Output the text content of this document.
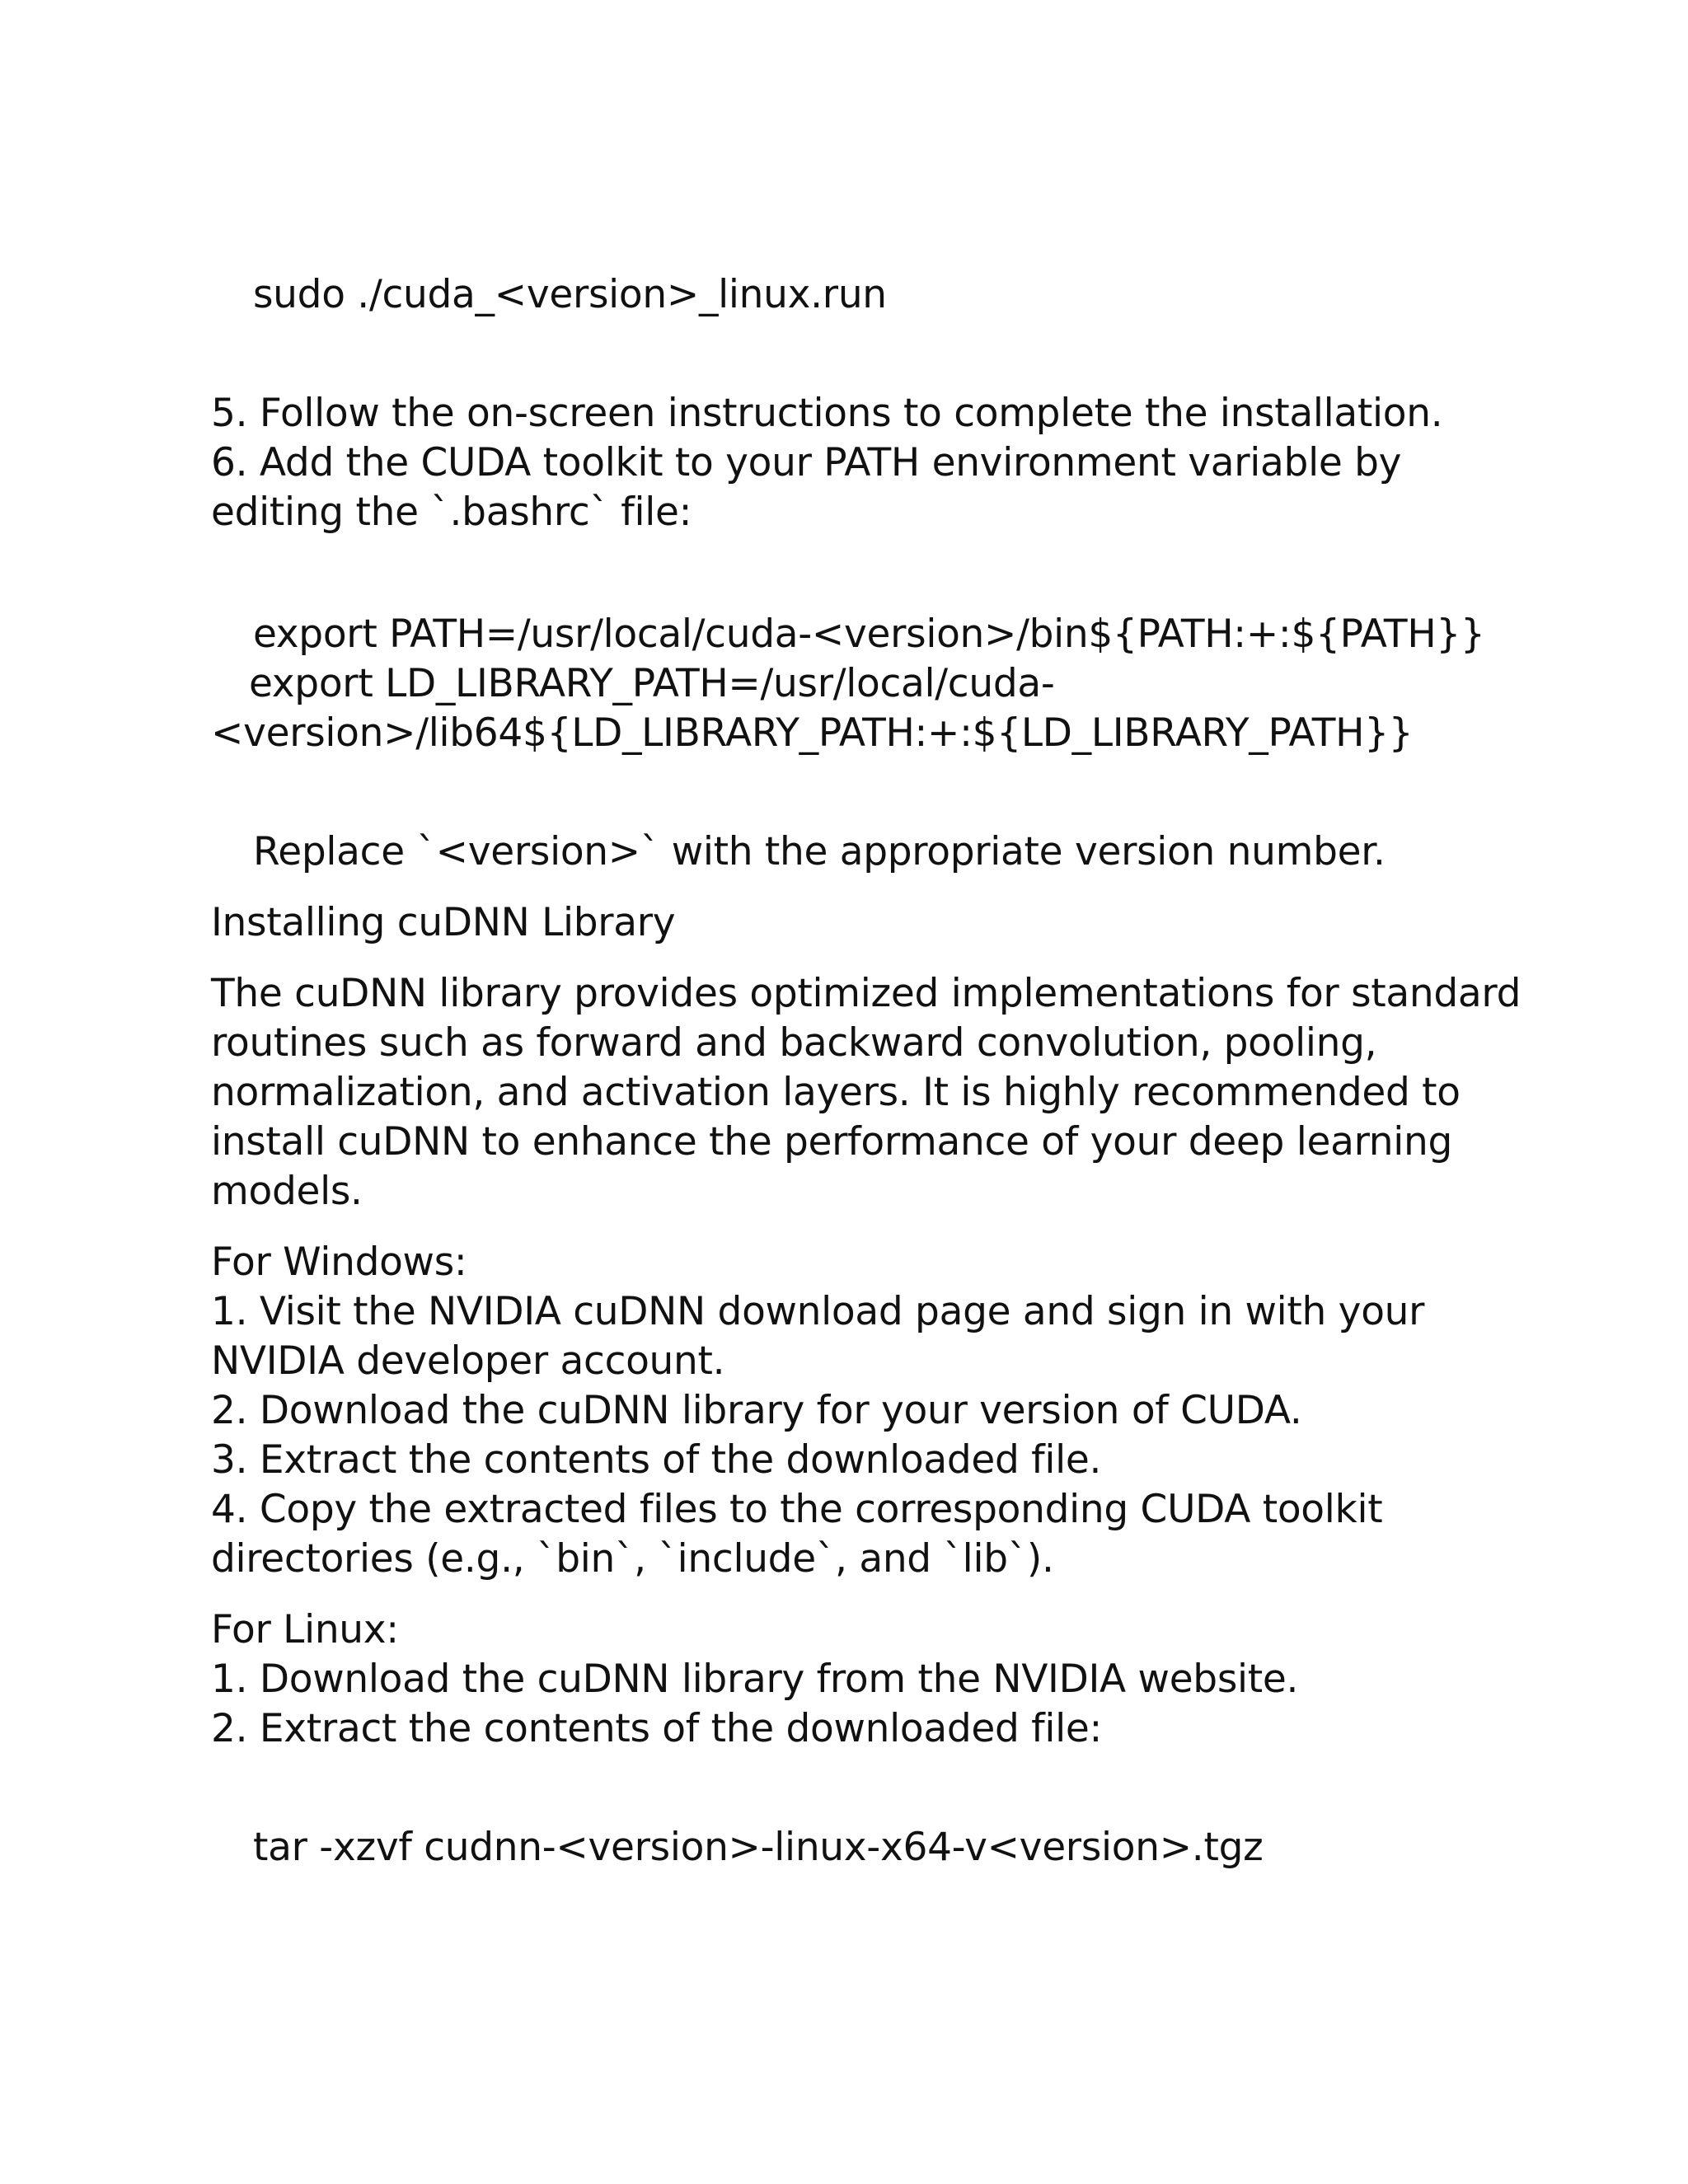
sudo ./cuda_<version>_linux.run
5. Follow the on-screen instructions to complete the installation.
6. Add the CUDA toolkit to your PATH environment variable by
editing the `.bashrc` file:
export PATH=/usr/local/cuda-<version>/bin${PATH:+:${PATH}}
export LD_LIBRARY_PATH=/usr/local/cuda-
<version>/lib64${LD_LIBRARY_PATH:+:${LD_LIBRARY_PATH}}
Replace `<version>` with the appropriate version number.
Installing cuDNN Library
The cuDNN library provides optimized implementations for standard
routines such as forward and backward convolution, pooling,
normalization, and activation layers. It is highly recommended to
install cuDNN to enhance the performance of your deep learning
models.
For Windows:
1. Visit the NVIDIA cuDNN download page and sign in with your
NVIDIA developer account.
2. Download the cuDNN library for your version of CUDA.
3. Extract the contents of the downloaded file.
4. Copy the extracted files to the corresponding CUDA toolkit
directories (e.g., `bin`, `include`, and `lib`).
For Linux:
1. Download the cuDNN library from the NVIDIA website.
2. Extract the contents of the downloaded file:
tar -xzvf cudnn-<version>-linux-x64-v<version>.tgz
